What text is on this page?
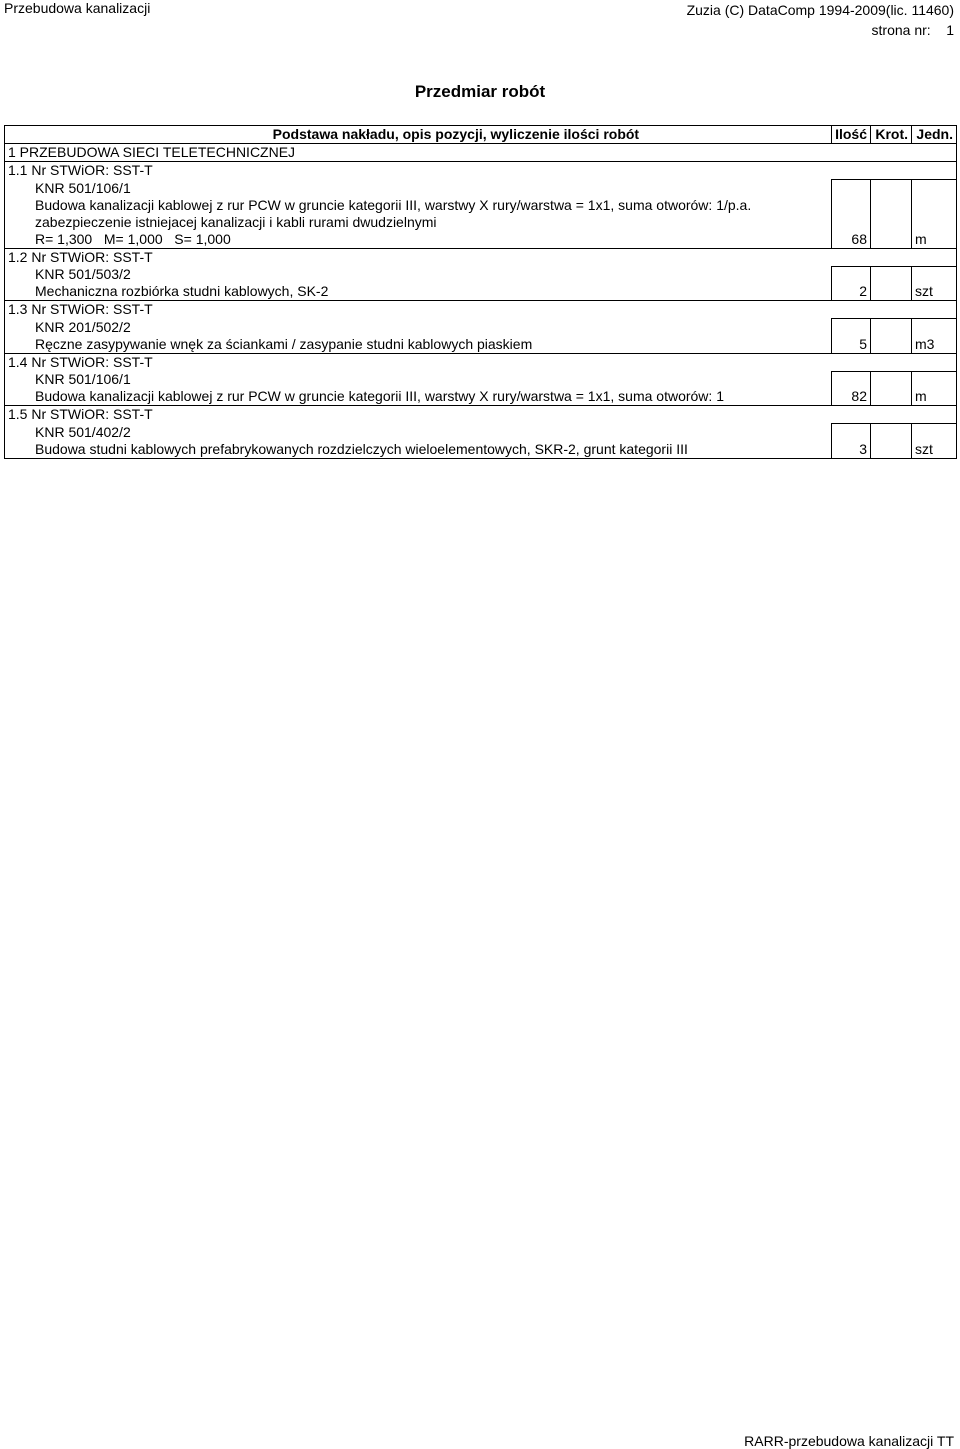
Przebudowa kanalizacji	Zuzia (C) DataComp 1994-2009(lic. 11460)
strona nr:    1
Przedmiar robót
Podstawa nakładu, opis pozycji, wyliczenie ilości robót	Ilość	Krot.	Jedn.
1 PRZEBUDOWA SIECI TELETECHNICZNEJ			
1.1 Nr STWiOR: SST-T			

KNR 501/106/1
Budowa kanalizacji kablowej z rur PCW w gruncie kategorii III, warstwy X rury/warstwa = 1x1, suma otworów: 1/p.a.
zabezpieczenie istniejacej kanalizacji i kabli rurami dwudzielnymi
R= 1,300   M= 1,000   S= 1,000	68		m
1.2 Nr STWiOR: SST-T			

KNR 501/503/2
Mechaniczna rozbiórka studni kablowych, SK-2	2		szt
1.3 Nr STWiOR: SST-T			

KNR 201/502/2
Ręczne zasypywanie wnęk za ściankami / zasypanie studni kablowych piaskiem	5		m3
1.4 Nr STWiOR: SST-T			

KNR 501/106/1
Budowa kanalizacji kablowej z rur PCW w gruncie kategorii III, warstwy X rury/warstwa = 1x1, suma otworów: 1	82		m
1.5 Nr STWiOR: SST-T			

KNR 501/402/2
Budowa studni kablowych prefabrykowanych rozdzielczych wieloelementowych, SKR-2, grunt kategorii III	3		szt
RARR-przebudowa kanalizacji TT
